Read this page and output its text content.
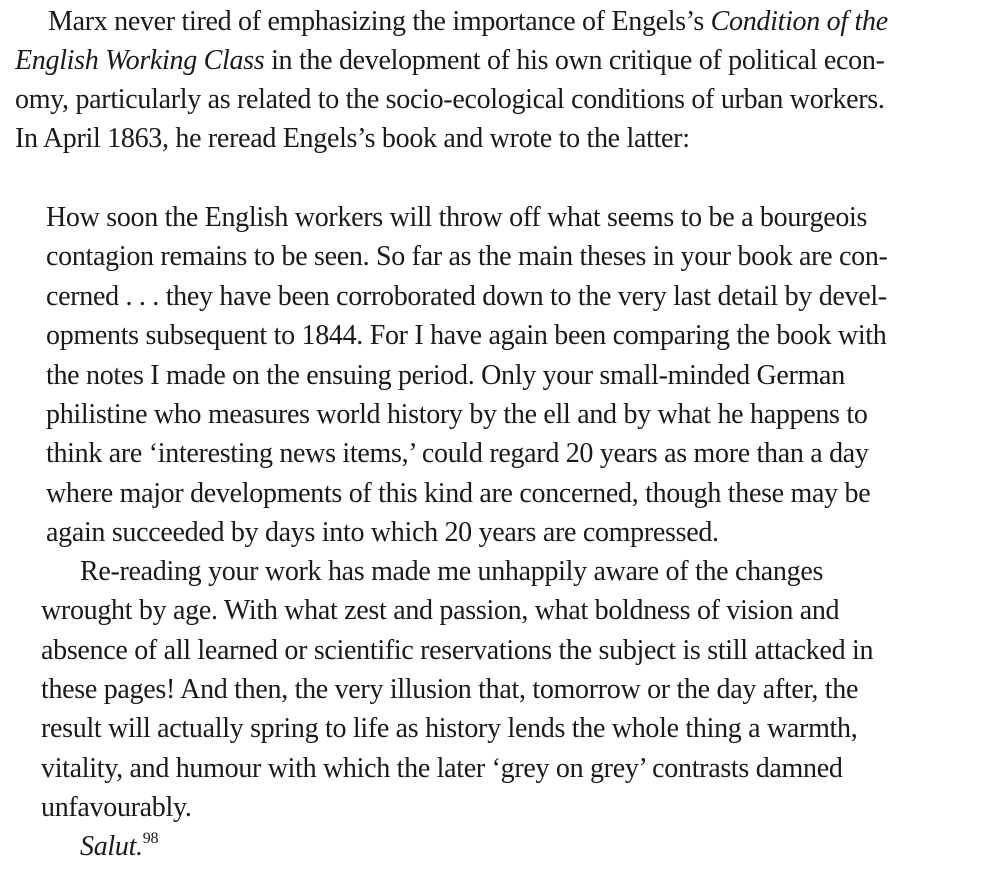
Marx never tired of emphasizing the importance of Engels’s Condition of the
English Working Class in the development of his own critique of political econ-
omy, particularly as related to the socio-ecological conditions of urban workers.
In April 1863, he reread Engels’s book and wrote to the latter:
How soon the English workers will throw off what seems to be a bourgeois
contagion remains to be seen. So far as the main theses in your book are con-
cerned . . . they have been corroborated down to the very last detail by devel-
opments subsequent to 1844. For I have again been comparing the book with
the notes I made on the ensuing period. Only your small-minded German
philistine who measures world history by the ell and by what he happens to
think are ‘interesting news items,’ could regard 20 years as more than a day
where major developments of this kind are concerned, though these may be
again succeeded by days into which 20 years are compressed.
Re-reading your work has made me unhappily aware of the changes
wrought by age. With what zest and passion, what boldness of vision and
absence of all learned or scientific reservations the subject is still attacked in
these pages! And then, the very illusion that, tomorrow or the day after, the
result will actually spring to life as history lends the whole thing a warmth,
vitality, and humour with which the later ‘grey on grey’ contrasts damned
unfavourably.
Salut.$^{98}$
